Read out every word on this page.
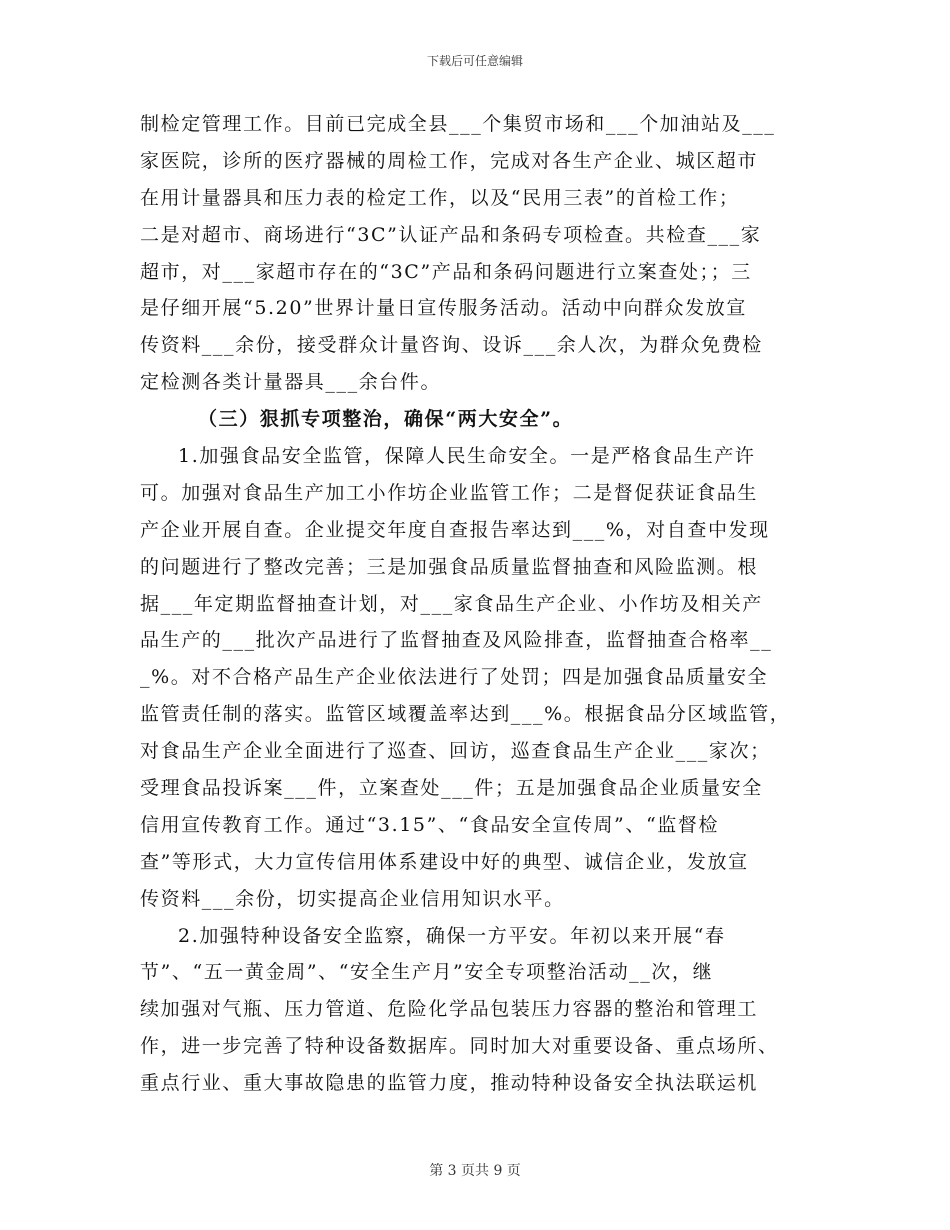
下载后可任意编辑
制检定管理工作。目前已完成全县___个集贸市场和___个加油站及___
家医院，诊所的医疗器械的周检工作，完成对各生产企业、城区超市
在用计量器具和压力表的检定工作，以及“民用三表”的首检工作；
二是对超市、商场进行“3C”认证产品和条码专项检查。共检查___家
超市，对___家超市存在的“3C”产品和条码问题进行立案查处；；三
是仔细开展“5.20”世界计量日宣传服务活动。活动中向群众发放宣
传资料___余份，接受群众计量咨询、设诉___余人次，为群众免费检
定检测各类计量器具___余台件。
（三）狠抓专项整治，确保“两大安全”。
1.加强食品安全监管，保障人民生命安全。一是严格食品生产许
可。加强对食品生产加工小作坊企业监管工作；二是督促获证食品生
产企业开展自查。企业提交年度自查报告率达到___%，对自查中发现
的问题进行了整改完善；三是加强食品质量监督抽查和风险监测。根
据___年定期监督抽查计划，对___家食品生产企业、小作坊及相关产
品生产的___批次产品进行了监督抽查及风险排查，监督抽查合格率__
_%。对不合格产品生产企业依法进行了处罚；四是加强食品质量安全
监管责任制的落实。监管区域覆盖率达到___%。根据食品分区域监管，
对食品生产企业全面进行了巡查、回访，巡查食品生产企业___家次；
受理食品投诉案___件，立案查处___件；五是加强食品企业质量安全
信用宣传教育工作。通过“3.15”、“食品安全宣传周”、“监督检
查”等形式，大力宣传信用体系建设中好的典型、诚信企业，发放宣
传资料___余份，切实提高企业信用知识水平。
2.加强特种设备安全监察，确保一方平安。年初以来开展“春
节”、“五一黄金周”、“安全生产月”安全专项整治活动__次，继
续加强对气瓶、压力管道、危险化学品包装压力容器的整治和管理工
作，进一步完善了特种设备数据库。同时加大对重要设备、重点场所、
重点行业、重大事故隐患的监管力度，推动特种设备安全执法联运机
第 3 页共 9 页
